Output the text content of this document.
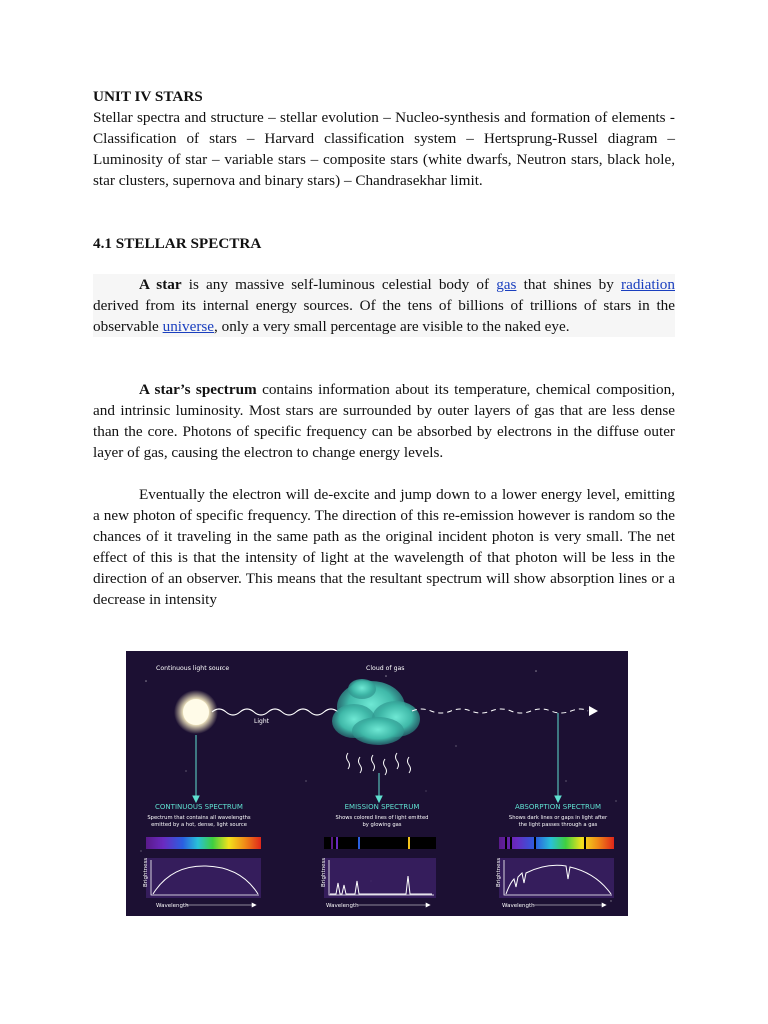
UNIT IV STARS
Stellar spectra and structure – stellar evolution – Nucleo-synthesis and formation of elements -Classification of stars – Harvard classification system – Hertsprung-Russel diagram – Luminosity of star – variable stars – composite stars (white dwarfs, Neutron stars, black hole, star clusters, supernova and binary stars) – Chandrasekhar limit.
4.1 STELLAR SPECTRA

A star is any massive self-luminous celestial body of gas that shines by radiation derived from its internal energy sources. Of the tens of billions of trillions of stars in the observable universe, only a very small percentage are visible to the naked eye.

A star’s spectrum contains information about its temperature, chemical composition, and intrinsic luminosity. Most stars are surrounded by outer layers of gas that are less dense than the core. Photons of specific frequency can be absorbed by electrons in the diffuse outer layer of gas, causing the electron to change energy levels.

Eventually the electron will de-excite and jump down to a lower energy level, emitting a new photon of specific frequency. The direction of this re-emission however is random so the chances of it traveling in the same path as the original incident photon is very small. The net effect of this is that the intensity of light at the wavelength of that photon will be less in the direction of an observer. This means that the resultant spectrum will show absorption lines or a decrease in intensity

Continuous light source	Cloud of gas
Light
CONTINUOUS SPECTRUM
Spectrum that contains all wavelengths
emitted by a hot, dense, light source
EMISSION SPECTRUM
Shows colored lines of light emitted
by glowing gas
ABSORPTION SPECTRUM
Shows dark lines or gaps in light after
the light passes through a gas
Brightness	Brightness	Brightness
Wavelength	Wavelength	Wavelength
